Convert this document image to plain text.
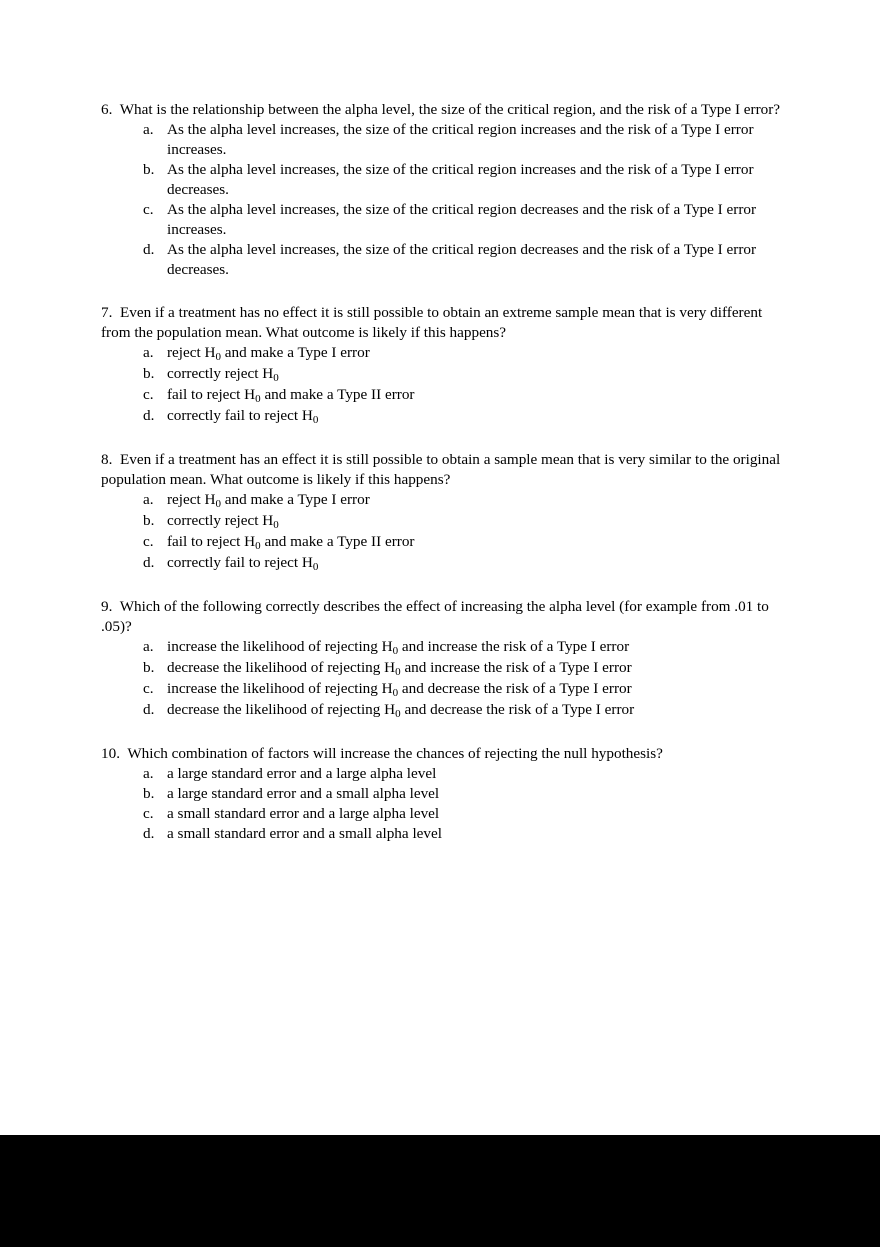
6. What is the relationship between the alpha level, the size of the critical region, and the risk of a Type I error?
a. As the alpha level increases, the size of the critical region increases and the risk of a Type I error increases.
b. As the alpha level increases, the size of the critical region increases and the risk of a Type I error decreases.
c. As the alpha level increases, the size of the critical region decreases and the risk of a Type I error increases.
d. As the alpha level increases, the size of the critical region decreases and the risk of a Type I error decreases.
7. Even if a treatment has no effect it is still possible to obtain an extreme sample mean that is very different from the population mean. What outcome is likely if this happens?
a. reject $H_0$ and make a Type I error
b. correctly reject $H_0$
c. fail to reject $H_0$ and make a Type II error
d. correctly fail to reject $H_0$
8. Even if a treatment has an effect it is still possible to obtain a sample mean that is very similar to the original population mean. What outcome is likely if this happens?
a. reject $H_0$ and make a Type I error
b. correctly reject $H_0$
c. fail to reject $H_0$ and make a Type II error
d. correctly fail to reject $H_0$
9. Which of the following correctly describes the effect of increasing the alpha level (for example from .01 to .05)?
a. increase the likelihood of rejecting $H_0$ and increase the risk of a Type I error
b. decrease the likelihood of rejecting $H_0$ and increase the risk of a Type I error
c. increase the likelihood of rejecting $H_0$ and decrease the risk of a Type I error
d. decrease the likelihood of rejecting $H_0$ and decrease the risk of a Type I error
10. Which combination of factors will increase the chances of rejecting the null hypothesis?
a. a large standard error and a large alpha level
b. a large standard error and a small alpha level
c. a small standard error and a large alpha level
d. a small standard error and a small alpha level
